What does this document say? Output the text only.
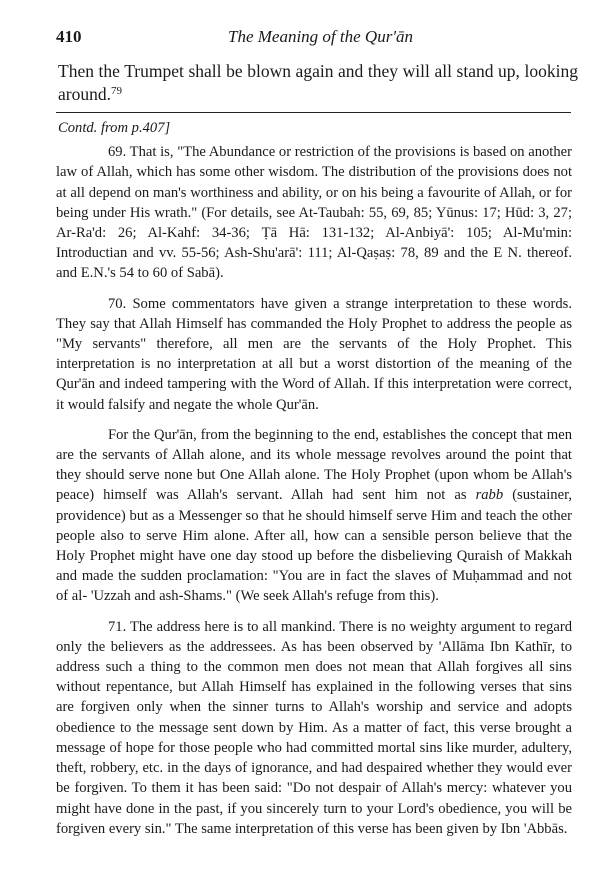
410	The Meaning of the Qur'ān
Then the Trumpet shall be blown again and they will all stand up, looking around.$^{79}$
Contd. from p.407]

69. That is, "The Abundance or restriction of the provisions is based on another law of Allah, which has some other wisdom. The distribution of the provisions does not at all depend on man's worthiness and ability, or on his being a favourite of Allah, or for being under His wrath." (For details, see At-Taubah: 55, 69, 85; Yūnus: 17; Hūd: 3, 27; Ar-Ra'd: 26; Al-Kahf: 34-36; Ṭā Hā: 131-132; Al-Anbiyā': 105; Al-Mu'min: Introductian and vv. 55-56; Ash-Shu'arā': 111; Al-Qaṣaṣ: 78, 89 and the E N. thereof. and E.N.'s 54 to 60 of Sabā).

70. Some commentators have given a strange interpretation to these words. They say that Allah Himself has commanded the Holy Prophet to address the people as "My servants" therefore, all men are the servants of the Holy Prophet. This interpretation is no interpretation at all but a worst distortion of the meaning of the Qur'ān and indeed tampering with the Word of Allah. If this interpretation were correct, it would falsify and negate the whole Qur'ān.

For the Qur'ān, from the beginning to the end, establishes the concept that men are the servants of Allah alone, and its whole message revolves around the point that they should serve none but One Allah alone. The Holy Prophet (upon whom be Allah's peace) himself was Allah's servant. Allah had sent him not as rabb (sustainer, providence) but as a Messenger so that he should himself serve Him and teach the other people also to serve Him alone. After all, how can a sensible person believe that the Holy Prophet might have one day stood up before the disbelieving Quraish of Makkah and made the sudden proclamation: "You are in fact the slaves of Muḥammad and not of al- 'Uzzah and ash-Shams." (We seek Allah's refuge from this).

71. The address here is to all mankind. There is no weighty argument to regard only the believers as the addressees. As has been observed by 'Allāma Ibn Kathīr, to address such a thing to the common men does not mean that Allah forgives all sins without repentance, but Allah Himself has explained in the following verses that sins are forgiven only when the sinner turns to Allah's worship and service and adopts obedience to the message sent down by Him. As a matter of fact, this verse brought a message of hope for those people who had committed mortal sins like murder, adultery, theft, robbery, etc. in the days of ignorance, and had despaired whether they would ever be forgiven. To them it has been said: "Do not despair of Allah's mercy: whatever you might have done in the past, if you sincerely turn to your Lord's obedience, you will be forgiven every sin." The same interpretation of this verse has been given by Ibn 'Abbās.
